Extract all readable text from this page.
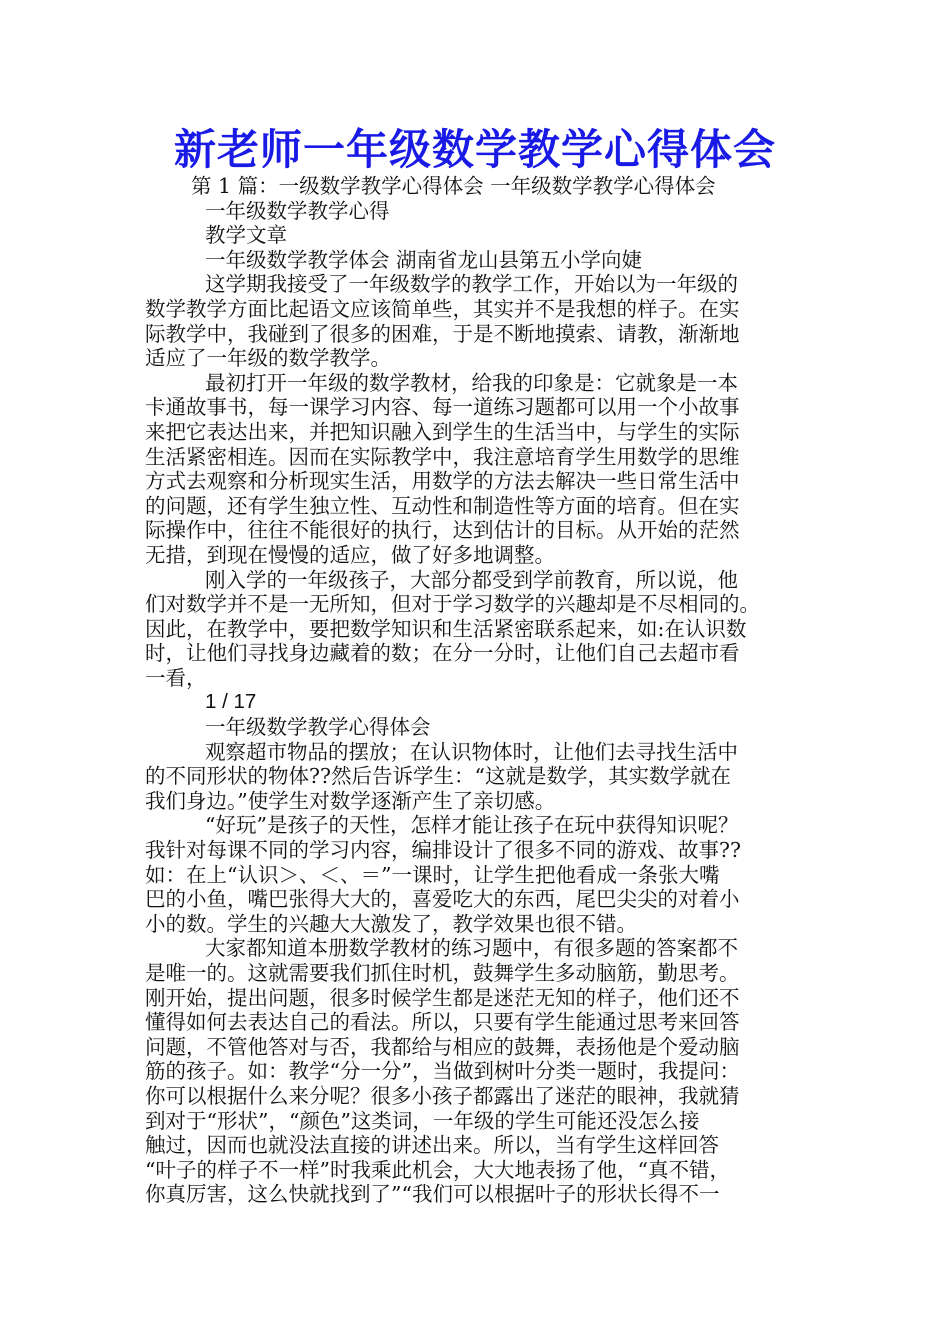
新老师一年级数学教学心得体会
第 1 篇：一级数学教学心得体会 一年级数学教学心得体会
一年级数学教学心得
教学文章
一年级数学教学体会 湖南省龙山县第五小学向婕
这学期我接受了一年级数学的教学工作，开始以为一年级的
数学教学方面比起语文应该简单些，其实并不是我想的样子。在实
际教学中，我碰到了很多的困难，于是不断地摸索、请教，渐渐地
适应了一年级的数学教学。
最初打开一年级的数学教材，给我的印象是：它就象是一本
卡通故事书，每一课学习内容、每一道练习题都可以用一个小故事
来把它表达出来，并把知识融入到学生的生活当中，与学生的实际
生活紧密相连。因而在实际教学中，我注意培育学生用数学的思维
方式去观察和分析现实生活，用数学的方法去解决一些日常生活中
的问题，还有学生独立性、互动性和制造性等方面的培育。但在实
际操作中，往往不能很好的执行，达到估计的目标。从开始的茫然
无措，到现在慢慢的适应，做了好多地调整。
刚入学的一年级孩子，大部分都受到学前教育，所以说，他
们对数学并不是一无所知，但对于学习数学的兴趣却是不尽相同的。
因此，在教学中，要把数学知识和生活紧密联系起来，如:在认识数
时，让他们寻找身边藏着的数；在分一分时，让他们自己去超市看
一看，
1 / 17
一年级数学教学心得体会
观察超市物品的摆放；在认识物体时，让他们去寻找生活中
的不同形状的物体??然后告诉学生：“这就是数学，其实数学就在
我们身边。”使学生对数学逐渐产生了亲切感。
“好玩”是孩子的天性，怎样才能让孩子在玩中获得知识呢？
我针对每课不同的学习内容，编排设计了很多不同的游戏、故事??
如：在上“认识＞、＜、＝”一课时，让学生把他看成一条张大嘴
巴的小鱼，嘴巴张得大大的，喜爱吃大的东西，尾巴尖尖的对着小
小的数。学生的兴趣大大激发了，教学效果也很不错。
大家都知道本册数学教材的练习题中，有很多题的答案都不
是唯一的。这就需要我们抓住时机，鼓舞学生多动脑筋，勤思考。
刚开始，提出问题，很多时候学生都是迷茫无知的样子，他们还不
懂得如何去表达自己的看法。所以，只要有学生能通过思考来回答
问题，不管他答对与否，我都给与相应的鼓舞，表扬他是个爱动脑
筋的孩子。如：教学“分一分”，当做到树叶分类一题时，我提问：
你可以根据什么来分呢？很多小孩子都露出了迷茫的眼神，我就猜
到对于“形状”，“颜色”这类词，一年级的学生可能还没怎么接
触过，因而也就没法直接的讲述出来。所以，当有学生这样回答
“叶子的样子不一样”时我乘此机会，大大地表扬了他，“真不错，
你真厉害，这么快就找到了”“我们可以根据叶子的形状长得不一
